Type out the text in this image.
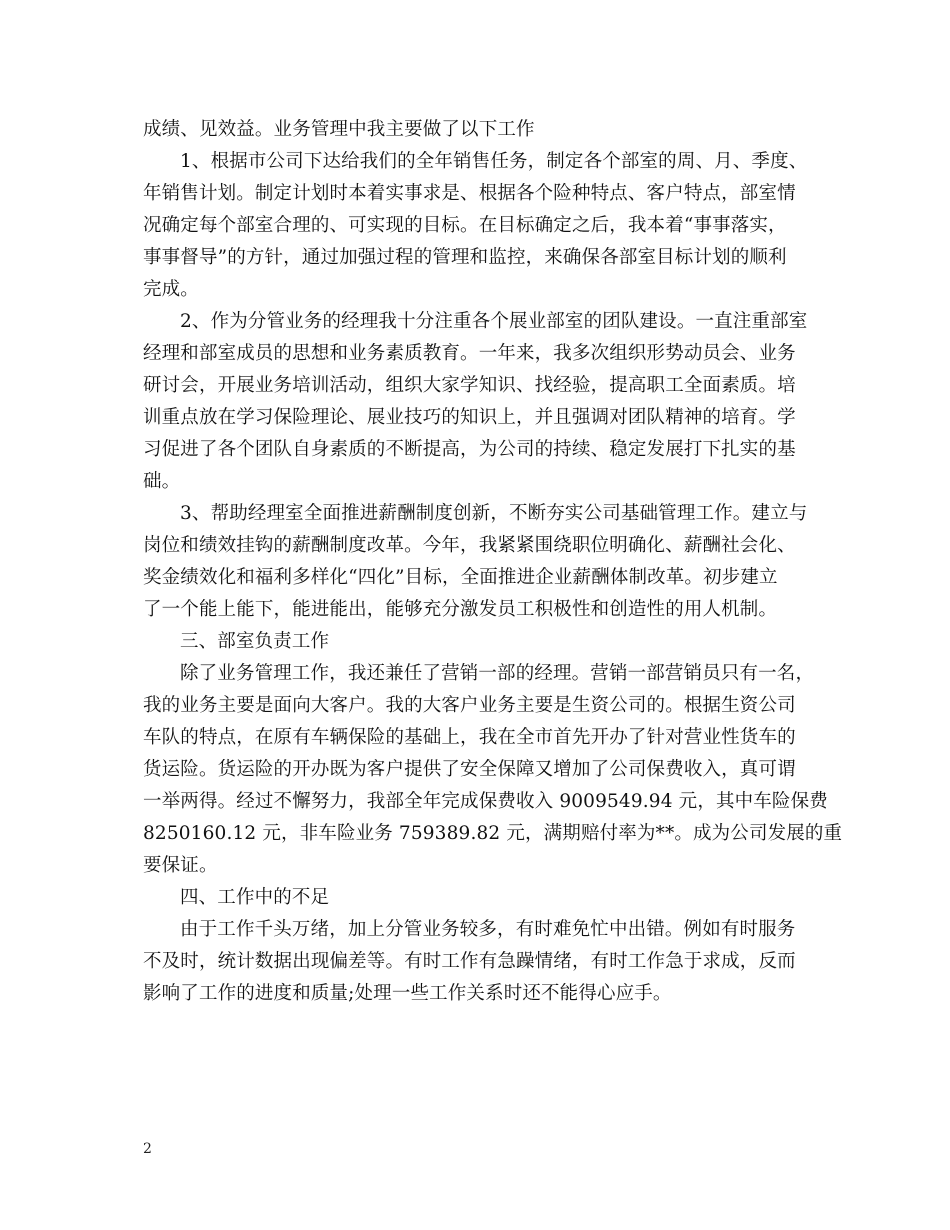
成绩、见效益。业务管理中我主要做了以下工作
1、根据市公司下达给我们的全年销售任务，制定各个部室的周、月、季度、
年销售计划。制定计划时本着实事求是、根据各个险种特点、客户特点，部室情
况确定每个部室合理的、可实现的目标。在目标确定之后，我本着“事事落实，
事事督导”的方针，通过加强过程的管理和监控，来确保各部室目标计划的顺利
完成。
2、作为分管业务的经理我十分注重各个展业部室的团队建设。一直注重部室
经理和部室成员的思想和业务素质教育。一年来，我多次组织形势动员会、业务
研讨会，开展业务培训活动，组织大家学知识、找经验，提高职工全面素质。培
训重点放在学习保险理论、展业技巧的知识上，并且强调对团队精神的培育。学
习促进了各个团队自身素质的不断提高，为公司的持续、稳定发展打下扎实的基
础。
3、帮助经理室全面推进薪酬制度创新，不断夯实公司基础管理工作。建立与
岗位和绩效挂钩的薪酬制度改革。今年，我紧紧围绕职位明确化、薪酬社会化、
奖金绩效化和福利多样化“四化”目标，全面推进企业薪酬体制改革。初步建立
了一个能上能下，能进能出，能够充分激发员工积极性和创造性的用人机制。
三、部室负责工作
除了业务管理工作，我还兼任了营销一部的经理。营销一部营销员只有一名，
我的业务主要是面向大客户。我的大客户业务主要是生资公司的。根据生资公司
车队的特点，在原有车辆保险的基础上，我在全市首先开办了针对营业性货车的
货运险。货运险的开办既为客户提供了安全保障又增加了公司保费收入，真可谓
一举两得。经过不懈努力，我部全年完成保费收入 9009549.94 元，其中车险保费
8250160.12 元，非车险业务 759389.82 元，满期赔付率为**。成为公司发展的重
要保证。
四、工作中的不足
由于工作千头万绪，加上分管业务较多，有时难免忙中出错。例如有时服务
不及时，统计数据出现偏差等。有时工作有急躁情绪，有时工作急于求成，反而
影响了工作的进度和质量;处理一些工作关系时还不能得心应手。
2
